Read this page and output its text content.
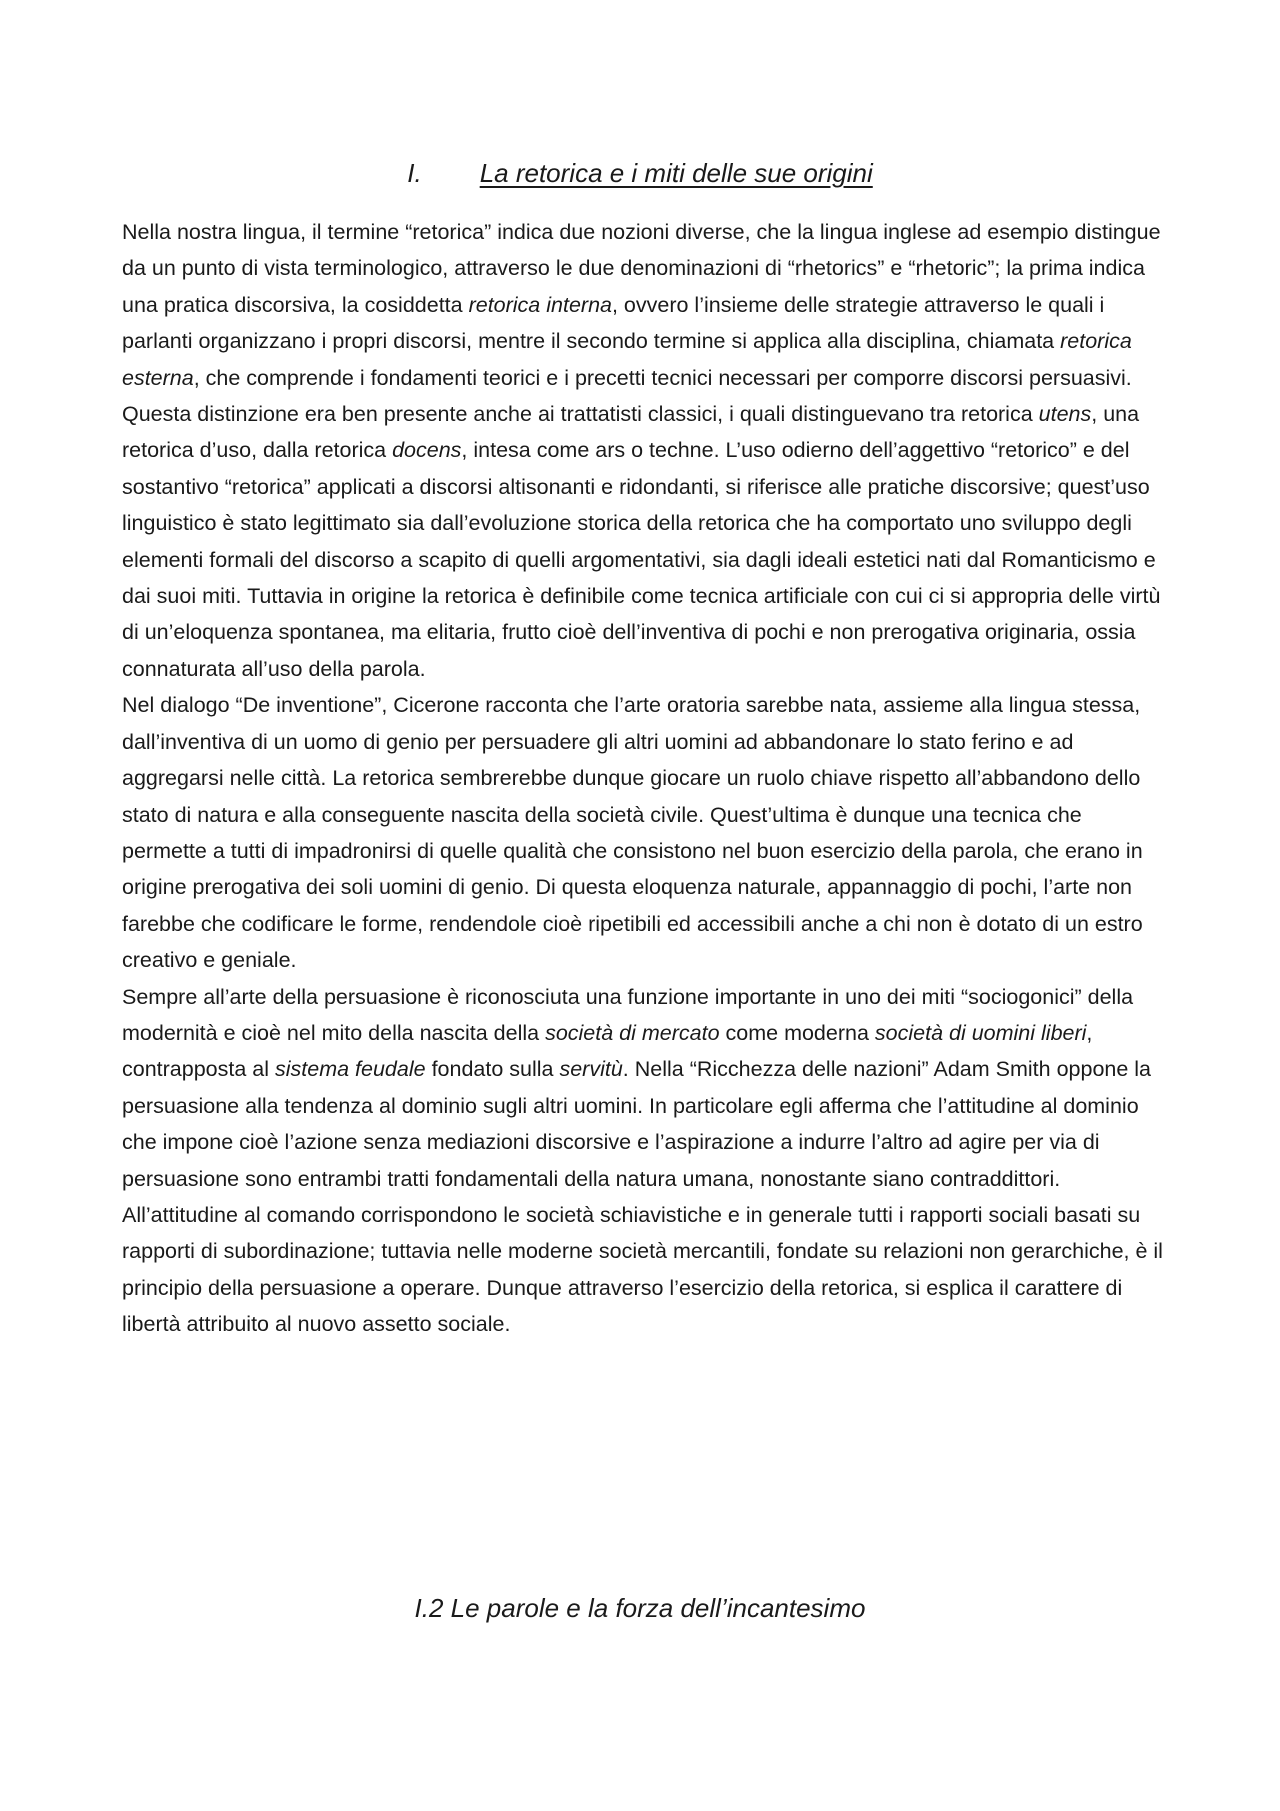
I. La retorica e i miti delle sue origini

Nella nostra lingua, il termine “retorica” indica due nozioni diverse, che la lingua inglese ad esempio distingue da un punto di vista terminologico, attraverso le due denominazioni di “rhetorics” e “rhetoric”; la prima indica una pratica discorsiva, la cosiddetta retorica interna, ovvero l’insieme delle strategie attraverso le quali i parlanti organizzano i propri discorsi, mentre il secondo termine si applica alla disciplina, chiamata retorica esterna, che comprende i fondamenti teorici e i precetti tecnici necessari per comporre discorsi persuasivi. Questa distinzione era ben presente anche ai trattatisti classici, i quali distinguevano tra retorica utens, una retorica d’uso, dalla retorica docens, intesa come ars o techne. L’uso odierno dell’aggettivo “retorico” e del sostantivo “retorica” applicati a discorsi altisonanti e ridondanti, si riferisce alle pratiche discorsive; quest’uso linguistico è stato legittimato sia dall’evoluzione storica della retorica che ha comportato uno sviluppo degli elementi formali del discorso a scapito di quelli argomentativi, sia dagli ideali estetici nati dal Romanticismo e dai suoi miti. Tuttavia in origine la retorica è definibile come tecnica artificiale con cui ci si appropria delle virtù di un’eloquenza spontanea, ma elitaria, frutto cioè dell’inventiva di pochi e non prerogativa originaria, ossia connaturata all’uso della parola.

Nel dialogo “De inventione”, Cicerone racconta che l’arte oratoria sarebbe nata, assieme alla lingua stessa, dall’inventiva di un uomo di genio per persuadere gli altri uomini ad abbandonare lo stato ferino e ad aggregarsi nelle città. La retorica sembrerebbe dunque giocare un ruolo chiave rispetto all’abbandono dello stato di natura e alla conseguente nascita della società civile. Quest’ultima è dunque una tecnica che permette a tutti di impadronirsi di quelle qualità che consistono nel buon esercizio della parola, che erano in origine prerogativa dei soli uomini di genio. Di questa eloquenza naturale, appannaggio di pochi, l’arte non farebbe che codificare le forme, rendendole cioè ripetibili ed accessibili anche a chi non è dotato di un estro creativo e geniale.

Sempre all’arte della persuasione è riconosciuta una funzione importante in uno dei miti “sociogonici” della modernità e cioè nel mito della nascita della società di mercato come moderna società di uomini liberi, contrapposta al sistema feudale fondato sulla servitù. Nella “Ricchezza delle nazioni” Adam Smith oppone la persuasione alla tendenza al dominio sugli altri uomini. In particolare egli afferma che l’attitudine al dominio che impone cioè l’azione senza mediazioni discorsive e l’aspirazione a indurre l’altro ad agire per via di persuasione sono entrambi tratti fondamentali della natura umana, nonostante siano contraddittori. All’attitudine al comando corrispondono le società schiavistiche e in generale tutti i rapporti sociali basati su rapporti di subordinazione; tuttavia nelle moderne società mercantili, fondate su relazioni non gerarchiche, è il principio della persuasione a operare. Dunque attraverso l’esercizio della retorica, si esplica il carattere di libertà attribuito al nuovo assetto sociale.

I.2 Le parole e la forza dell’incantesimo
